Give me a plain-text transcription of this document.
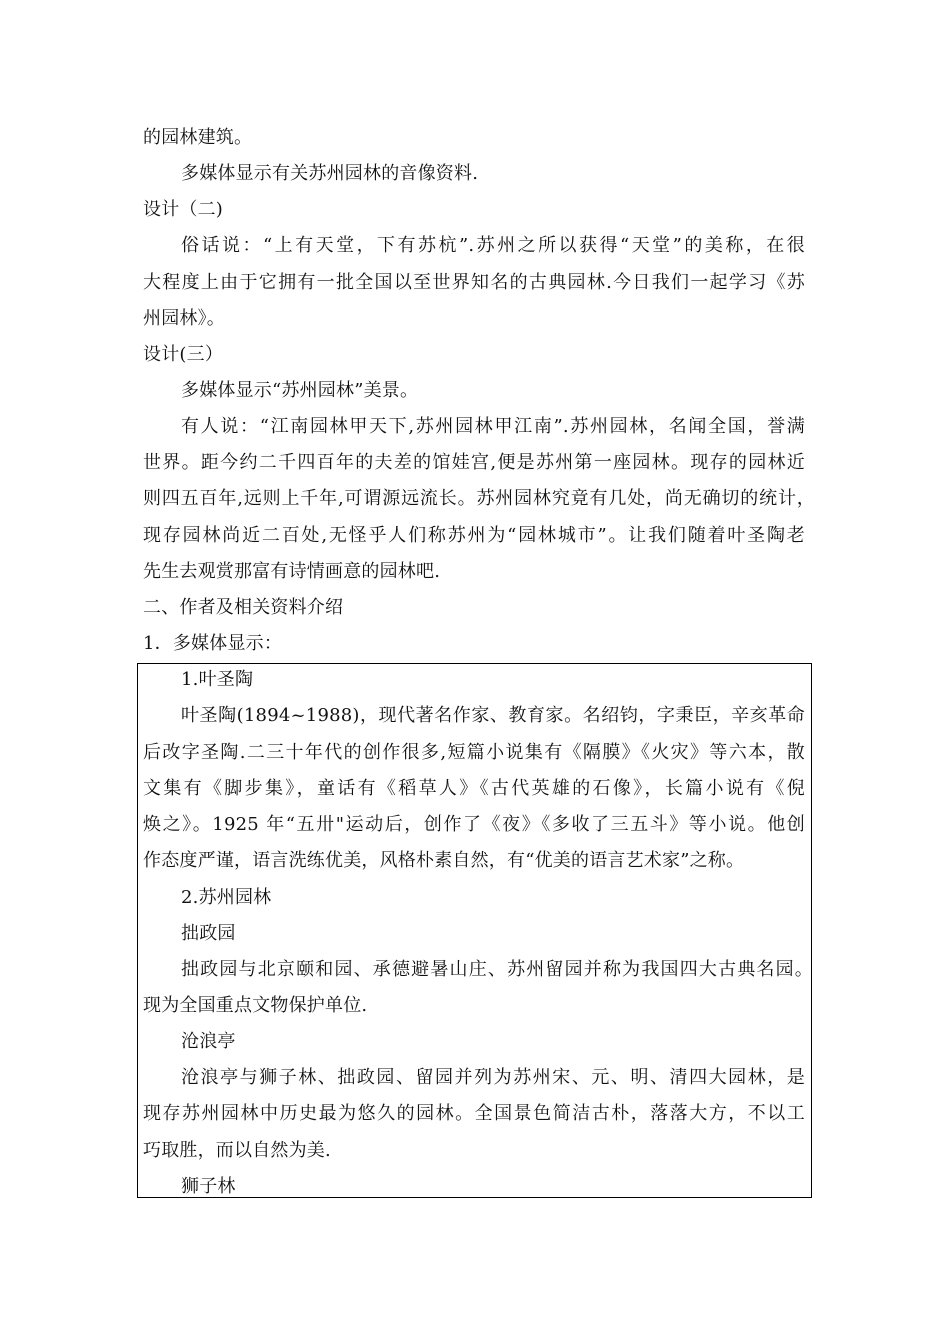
的园林建筑。
多媒体显示有关苏州园林的音像资料.
设计（二)
俗话说：“上有天堂，下有苏杭”.苏州之所以获得“天堂”的美称，在很
大程度上由于它拥有一批全国以至世界知名的古典园林.今日我们一起学习《苏
州园林》。
设计(三）
多媒体显示“苏州园林”美景。
有人说：“江南园林甲天下,苏州园林甲江南”.苏州园林，名闻全国，誉满
世界。距今约二千四百年的夫差的馆娃宫,便是苏州第一座园林。现存的园林近
则四五百年,远则上千年,可谓源远流长。苏州园林究竟有几处，尚无确切的统计，
现存园林尚近二百处,无怪乎人们称苏州为“园林城市”。让我们随着叶圣陶老
先生去观赏那富有诗情画意的园林吧.
二、作者及相关资料介绍
1．多媒体显示：
1.叶圣陶
叶圣陶(1894~1988)，现代著名作家、教育家。名绍钧，字秉臣，辛亥革命
后改字圣陶.二三十年代的创作很多,短篇小说集有《隔膜》《火灾》等六本，散
文集有《脚步集》，童话有《稻草人》《古代英雄的石像》，长篇小说有《倪
焕之》。1925 年“五卅"运动后，创作了《夜》《多收了三五斗》等小说。他创
作态度严谨，语言洗练优美，风格朴素自然，有“优美的语言艺术家”之称。
2.苏州园林
拙政园
拙政园与北京颐和园、承德避暑山庄、苏州留园并称为我国四大古典名园。
现为全国重点文物保护单位.
沧浪亭
沧浪亭与狮子林、拙政园、留园并列为苏州宋、元、明、清四大园林，是
现存苏州园林中历史最为悠久的园林。全国景色简洁古朴，落落大方，不以工
巧取胜，而以自然为美.
狮子林
